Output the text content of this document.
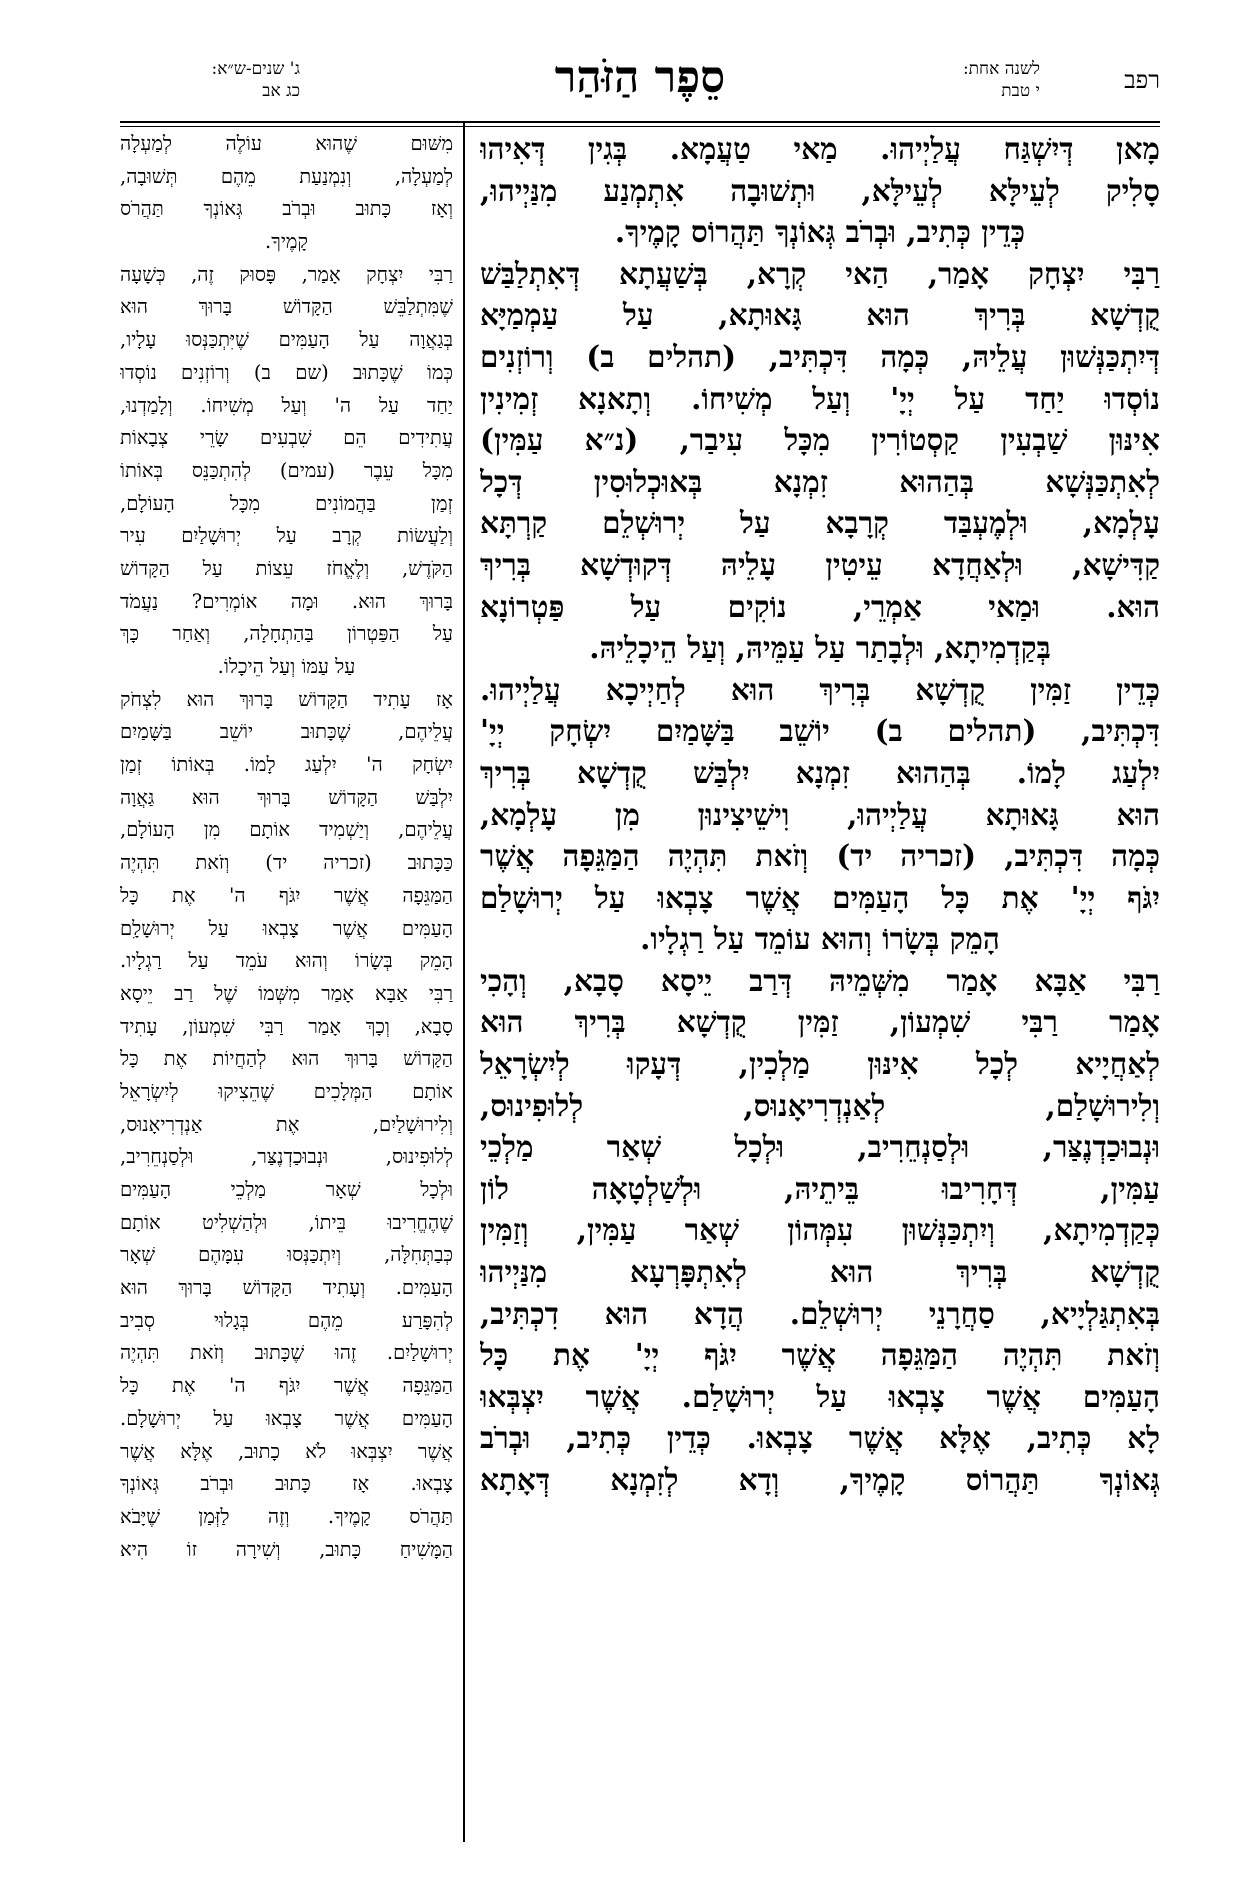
ג' שנים-ש״א:
כג אב	סֵפֶר הַזֹּהַר	לשנה אחת:
י טבת	רפב
מָאן דְּיִשְׁגַּח עֲלַיְיהוּ. מַאי טַעֲמָא. בְּגִין דְּאִיהוּ
סָלִיק לְעֵילָּא לְעֵילָּא, וּתְשׁוּבָה אִתְמְנַע מִנַּיְיהוּ,
כְּדֵין כְּתִיב, וּבְרֹב גְּאוֹנְךָ תַּהֲרוֹס קָמֶיךָ.
רַבִּי יִצְחָק אָמַר, הַאי קְרָא, בְּשַׁעֲתָא דְּאִתְלַבַּשׁ
קֻדְשָׁא בְּרִיךְ הוּא גָּאוּתָא, עַל עַמְמַיָּא
דְּיִתְכַּנְּשׁוּן עֲלֵיהּ, כְּמָה דִּכְתִּיב, (תהלים ב) וְרוֹזְנִים
נוֹסְדוּ יַחַד עַל יְיָ' וְעַל מְשִׁיחוֹ. וְתָאנָא זְמִינִין
אִינּוּן שַׁבְעִין קַסְטוֹרִין מִכָּל עִיבַר, (נ״א עַמִּין)
לְאִתְכַּנְּשָׁא בְּהַהוּא זִמְנָא בְּאוּכְלוּסִין דְּכָל
עָלְמָא, וּלְמֶעְבַּד קְרָבָא עַל יְרוּשְׁלֵם קַרְתָּא
קַדִּישָׁא, וּלְאַחֲדָא עֵיטִין עָלֵיהּ דְּקוּדְשָׁא בְּרִיךְ
הוּא. וּמַאי אַמְרֵי, נוֹקִים עַל פַּטְרוֹנָא
בְּקַדְמִיתָא, וּלְבָתַר עַל עַמֵּיהּ, וְעַל הֵיכָלֵיהּ.
כְּדֵין זַמִּין קֻדְשָׁא בְּרִיךְ הוּא לְחַיְיכָא עֲלַיְיהוּ.
דִּכְתִּיב, (תהלים ב) יוֹשֵׁב בַּשָּׁמַיִם יִשְׂחָק יְיָ'
יִלְעַג לָמוֹ. בְּהַהוּא זִמְנָא יִלְבַּשׁ קֻדְשָׁא בְּרִיךְ
הוּא גָּאוּתָא עֲלַיְיהוּ, וִישֵׁיצִינוּן מִן עָלְמָא,
כְּמָה דִּכְתִּיב, (זכריה יד) וְזֹאת תִּהְיֶה הַמַּגֵּפָה אֲשֶׁר
יִגֹּף יְיָ' אֶת כָּל הָעַמִּים אֲשֶׁר צָבְאוּ עַל יְרוּשָׁלַם
הָמֵק בְּשָׂרוֹ וְהוּא עוֹמֵד עַל רַגְלָיו.
רַבִּי אַבָּא אָמַר מִשְּׁמֵיהּ דְּרַב יֵיסָא סָבָא, וְהָכִי
אָמַר רַבִּי שִׁמְעוֹן, זַמִּין קֻדְשָׁא בְּרִיךְ הוּא
לְאַחֲיָיא לְכָל אִינּוּן מַלְכִין, דְּעָקוּ לְיִשְׂרָאֵל
וְלִירוּשָׁלַם, לְאַנְדְרִיאָנוּס, לְלוּפִינוּס,
וּנְבוּכַדְנֶצַּר, וּלְסַנְחֵרִיב, וּלְכָל שְׁאַר מַלְכֵי
עַמִּין, דְּחָרִיבוּ בֵּיתֵיהּ, וּלְשַׁלְטָאָה לוֹן
כְּקַדְמִיתָא, וְיִתְכַּנְּשׁוּן עִמְּהוֹן שְׁאַר עַמִּין, וְזַמִּין
קֻדְשָׁא בְּרִיךְ הוּא לְאִתְפָּרְעָא מִנַּיְיהוּ
בְּאִתְגַּלְיָיא, סַחֲרָנֵי יְרוּשְׁלֵם. הֲדָא הוּא דִכְתִּיב,
וְזֹאת תִּהְיֶה הַמַּגֵּפָה אֲשֶׁר יִגֹּף יְיָ' אֶת כָּל
הָעַמִּים אֲשֶׁר צָבְאוּ עַל יְרוּשָׁלַם. אֲשֶׁר יִצְבְּאוּ
לָא כְּתִיב, אֶלָּא אֲשֶׁר צָבְאוּ. כְּדֵין כְּתִיב, וּבְרֹב
גְּאוֹנְךָ תַּהֲרוֹס קָמֶיךָ, וְדָא לְזִמְנָא דְּאָתָא
מִשּׁוּם שֶׁהוּא עוֹלֶה לְמַעְלָה
לְמַעְלָה, וְנִמְנַעַת מֵהֶם תְּשׁוּבָה,
וְאָז כָּתוּב וּבְרֹב גְּאוֹנְךָ תַּהֲרֹס
קָמֶיךָ.
רַבִּי יִצְחָק אָמַר, פָּסוּק זֶה, כְּשָׁעָה
שֶׁמִּתְלַבֵּשׁ הַקָּדוֹשׁ בָּרוּךְ הוּא
בְּגַאֲוָה עַל הָעַמִּים שֶׁיִּתְכַּנְּסוּ עָלָיו,
כְּמוֹ שֶׁכָּתוּב (שם ב) וְרוֹזְנִים נוֹסְדוּ
יַחַד עַל ה' וְעַל מְשִׁיחוֹ. וְלָמַדְנוּ,
עֲתִידִים הֵם שִׁבְעִים שָׂרֵי צְבָאוֹת
מִכָּל עֵבֶר (עמים) לְהִתְכַּנֵּס בְּאוֹתוֹ
זְמַן בַּהֲמוֹנִים מִכָּל הָעוֹלָם,
וְלַעֲשׂוֹת קְרָב עַל יְרוּשָׁלַיִם עִיר
הַקֹּדֶשׁ, וְלֶאֱחֹז עֵצוֹת עַל הַקָּדוֹשׁ
בָּרוּךְ הוּא. וּמָה אוֹמְרִים? נַעֲמֹד
עַל הַפַּטְרוֹן בַּהַתְחָלָה, וְאַחַר כָּךְ
עַל עַמּוֹ וְעַל הֵיכָלוֹ.
אָז עָתִיד הַקָּדוֹשׁ בָּרוּךְ הוּא לִצְחֹק
עֲלֵיהֶם, שֶׁכָּתוּב יוֹשֵׁב בַּשָּׁמַיִם
יִשְׂחָק ה' יִלְעַג לָמוֹ. בְּאוֹתוֹ זְמַן
יִלְבַּשׁ הַקָּדוֹשׁ בָּרוּךְ הוּא גַּאֲוָה
עֲלֵיהֶם, וְיַשְׁמִיד אוֹתָם מִן הָעוֹלָם,
כַּכָּתוּב (זכריה יד) וְזֹאת תִּהְיֶה
הַמַּגֵּפָה אֲשֶׁר יִגֹּף ה' אֶת כָּל
הָעַמִּים אֲשֶׁר צָבְאוּ עַל יְרוּשָׁלִָם
הָמֵק בְּשָׂרוֹ וְהוּא עֹמֵד עַל רַגְלָיו.
רַבִּי אַבָּא אָמַר מִשְּׁמוֹ שֶׁל רַב יֵיסָא
סָבָא, וְכָךְ אָמַר רַבִּי שִׁמְעוֹן, עָתִיד
הַקָּדוֹשׁ בָּרוּךְ הוּא לְהַחֲיוֹת אֶת כָּל
אוֹתָם הַמְּלָכִים שֶׁהֵצִיקוּ לְיִשְׂרָאֵל
וְלִירוּשָׁלַיִם, אֶת אַנְדְרִיאָנוּס,
לְלוּפִינוּס, וּנְבוּכַדְנֶצַּר, וּלְסַנְחֵרִיב,
וּלְכָל שְׁאָר מַלְכֵי הָעַמִּים
שֶׁהֶחֱרִיבוּ בֵּיתוֹ, וּלְהַשְׁלִיט אוֹתָם
כְּבַתְּחִלָּה, וְיִתְכַּנְּסוּ עִמָּהֶם שְׁאָר
הָעַמִּים. וְעָתִיד הַקָּדוֹשׁ בָּרוּךְ הוּא
לְהִפָּרַע מֵהֶם בְּגָלוּי סְבִיב
יְרוּשָׁלַיִם. זֶהוּ שֶׁכָּתוּב וְזֹאת תִּהְיֶה
הַמַּגֵּפָה אֲשֶׁר יִגֹּף ה' אֶת כָּל
הָעַמִּים אֲשֶׁר צָבְאוּ עַל יְרוּשָׁלָם.
אֲשֶׁר יִצְבְּאוּ לֹא כָתוּב, אֶלָּא אֲשֶׁר
צָבְאוּ. אָז כָּתוּב וּבְרֹב גְּאוֹנְךָ
תַּהֲרֹס קָמֶיךָ. וְזֶה לַזְּמַן שֶׁיָּבֹא
הַמָּשִׁיחַ כָּתוּב, וְשִׁירָה זוֹ הִיא
